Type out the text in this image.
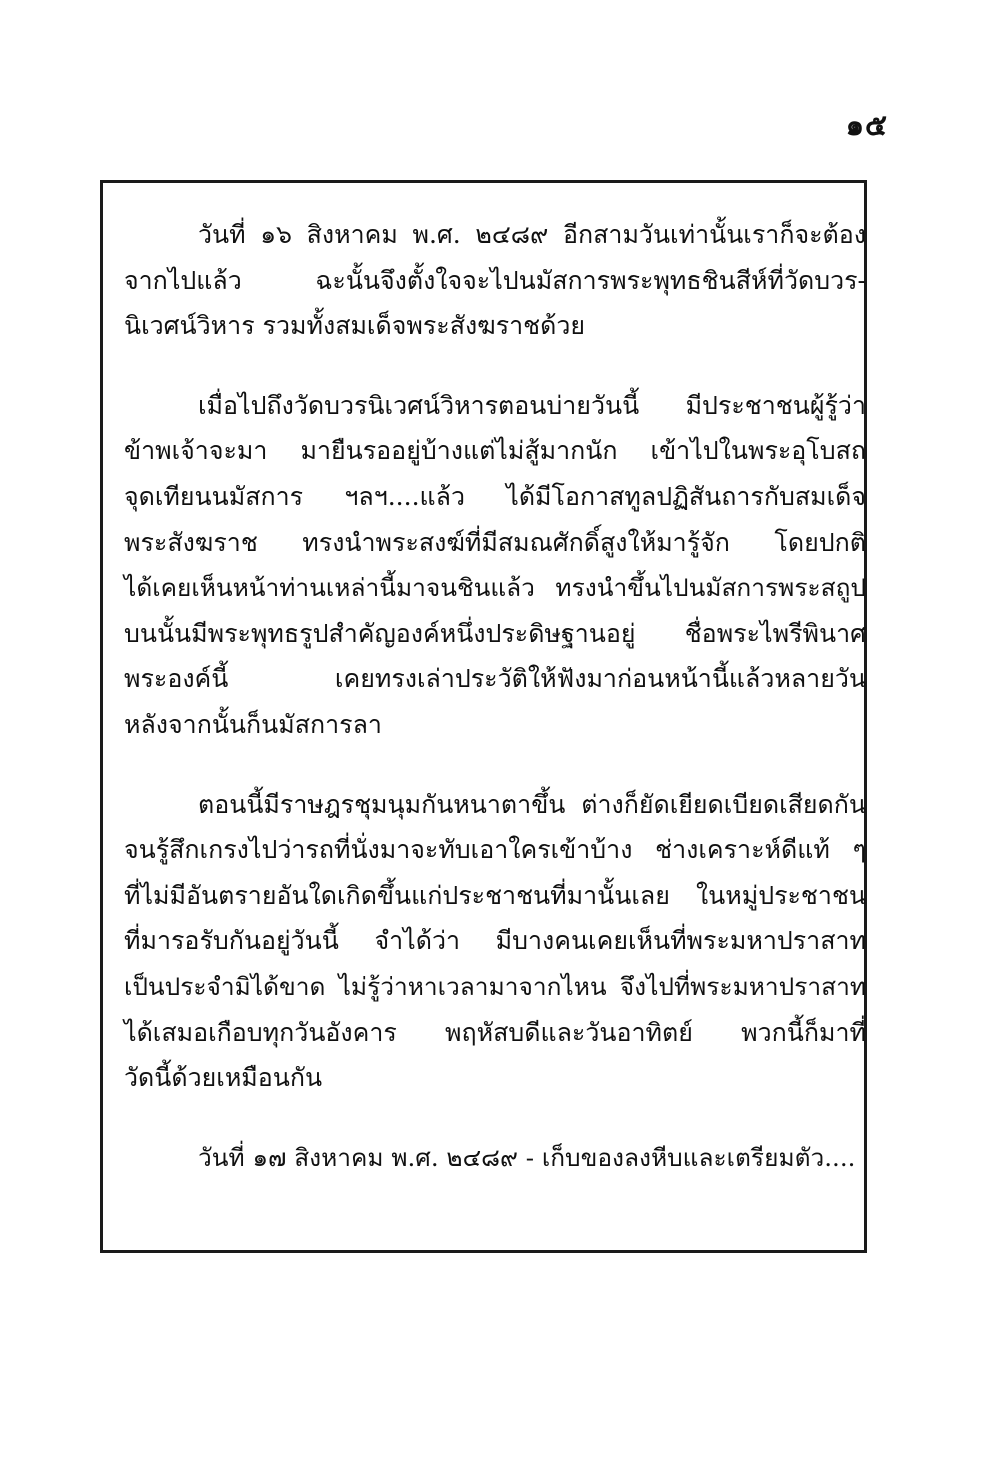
๑๕
วันที่ ๑๖ สิงหาคม พ.ศ. ๒๔๘๙ อีกสามวันเท่านั้นเราก็จะต้อง
จากไปแล้ว ฉะนั้นจึงตั้งใจจะไปนมัสการพระพุทธชินสีห์ที่วัดบวร-
นิเวศน์วิหาร รวมทั้งสมเด็จพระสังฆราชด้วย
เมื่อไปถึงวัดบวรนิเวศน์วิหารตอนบ่ายวันนี้ มีประชาชนผู้รู้ว่า
ข้าพเจ้าจะมา มายืนรออยู่บ้างแต่ไม่สู้มากนัก เข้าไปในพระอุโบสถ
จุดเทียนนมัสการ ฯลฯ....แล้ว ได้มีโอกาสทูลปฏิสันถารกับสมเด็จ
พระสังฆราช ทรงนำพระสงฆ์ที่มีสมณศักดิ์สูงให้มารู้จัก โดยปกติ
ได้เคยเห็นหน้าท่านเหล่านี้มาจนชินแล้ว ทรงนำขึ้นไปนมัสการพระสถูป
บนนั้นมีพระพุทธรูปสำคัญองค์หนึ่งประดิษฐานอยู่ ชื่อพระไพรีพินาศ
พระองค์นี้ เคยทรงเล่าประวัติให้ฟังมาก่อนหน้านี้แล้วหลายวัน
หลังจากนั้นก็นมัสการลา
ตอนนี้มีราษฎรชุมนุมกันหนาตาขึ้น ต่างก็ยัดเยียดเบียดเสียดกัน
จนรู้สึกเกรงไปว่ารถที่นั่งมาจะทับเอาใครเข้าบ้าง ช่างเคราะห์ดีแท้ ๆ
ที่ไม่มีอันตรายอันใดเกิดขึ้นแก่ประชาชนที่มานั้นเลย ในหมู่ประชาชน
ที่มารอรับกันอยู่วันนี้ จำได้ว่า มีบางคนเคยเห็นที่พระมหาปราสาท
เป็นประจำมิได้ขาด ไม่รู้ว่าหาเวลามาจากไหน จึงไปที่พระมหาปราสาท
ได้เสมอเกือบทุกวันอังคาร พฤหัสบดีและวันอาทิตย์ พวกนี้ก็มาที่
วัดนี้ด้วยเหมือนกัน
วันที่ ๑๗ สิงหาคม พ.ศ. ๒๔๘๙ - เก็บของลงหีบและเตรียมตัว....
